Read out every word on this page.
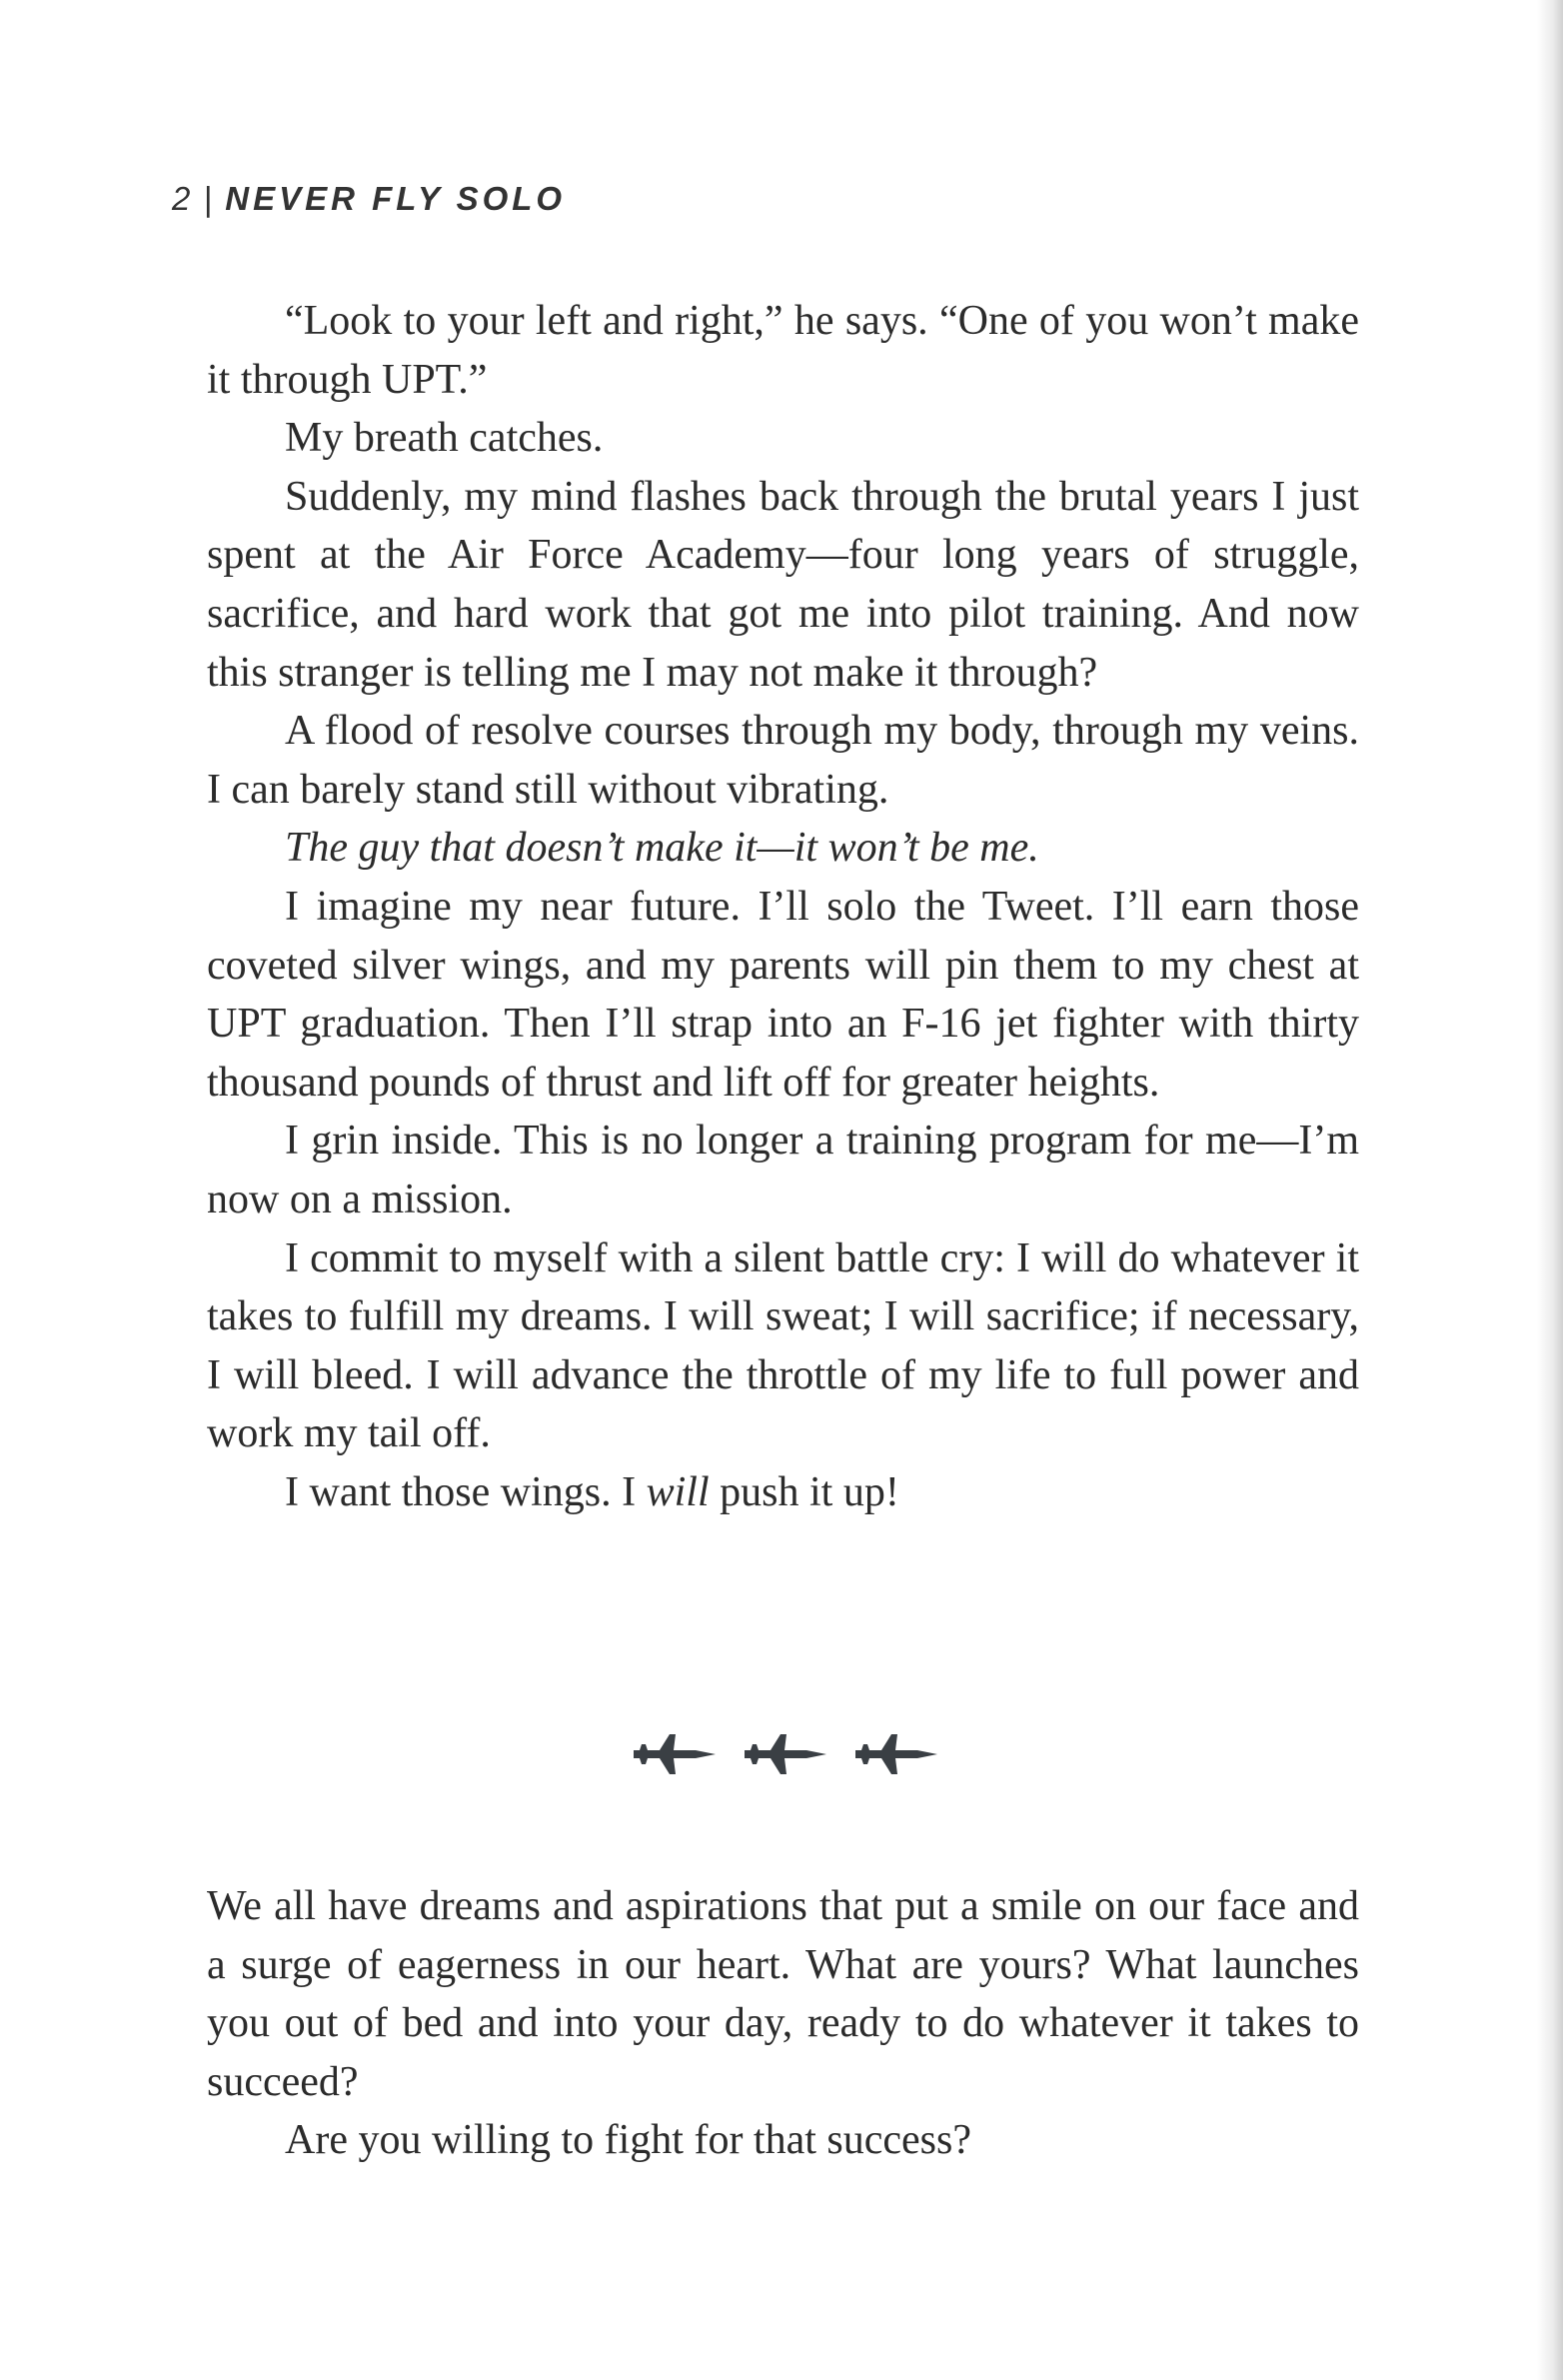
2 | NEVER FLY SOLO

“Look to your left and right,” he says. “One of you won’t make it through UPT.”

My breath catches.

Suddenly, my mind flashes back through the brutal years I just spent at the Air Force Academy—four long years of struggle, sacrifice, and hard work that got me into pilot training. And now this stranger is telling me I may not make it through?

A flood of resolve courses through my body, through my veins. I can barely stand still without vibrating.

The guy that doesn’t make it—it won’t be me.

I imagine my near future. I’ll solo the Tweet. I’ll earn those coveted silver wings, and my parents will pin them to my chest at UPT graduation. Then I’ll strap into an F-16 jet fighter with thirty thousand pounds of thrust and lift off for greater heights.

I grin inside. This is no longer a training program for me—I’m now on a mission.

I commit to myself with a silent battle cry: I will do whatever it takes to fulfill my dreams. I will sweat; I will sacrifice; if necessary, I will bleed. I will advance the throttle of my life to full power and work my tail off.

I want those wings. I will push it up!

We all have dreams and aspirations that put a smile on our face and a surge of eagerness in our heart. What are yours? What launches you out of bed and into your day, ready to do whatever it takes to succeed?

Are you willing to fight for that success?
